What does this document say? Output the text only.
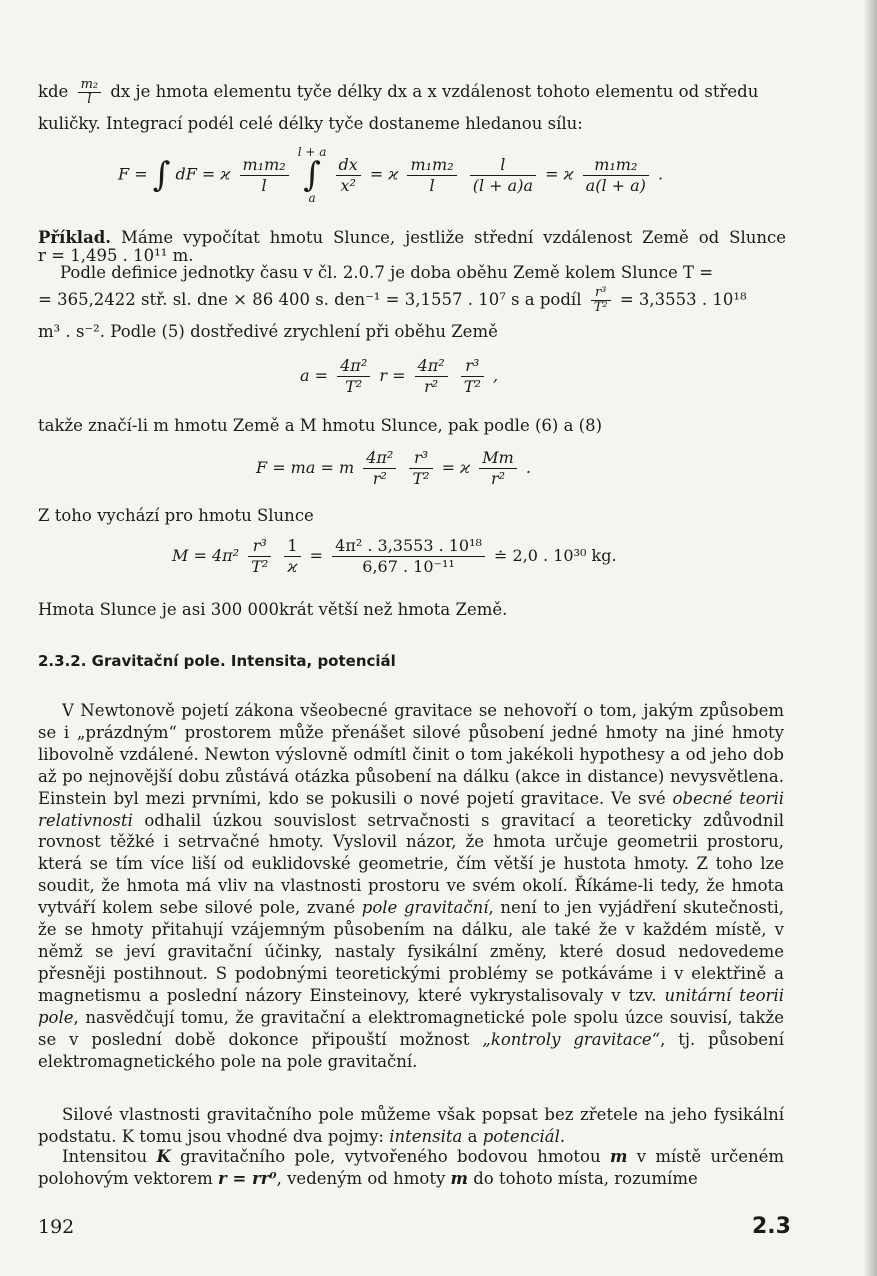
kde $\frac{\text{m₂}}{l}$ dx je hmota elementu tyče délky dx a x vzdálenost tohoto elementu od středu
kuličky. Integrací podél celé délky tyče dostaneme hledanou sílu:
F = ∫ dF = ϰ $\frac{\text{m₁m₂}}{l}$

l + a
∫
a

$\frac{dx}{\text{x²}} = ϰ \frac{\text{m₁m₂}}{l}$
$\frac{l}{(l + a)a} = ϰ \frac{\text{m₁m₂}}{a(l + a)}$ .
Příklad. Máme vypočítat hmotu Slunce, jestliže střední vzdálenost Země od Slunce
r = 1,495 . 10¹¹ m.
Podle definice jednotky času v čl. 2.0.7 je doba oběhu Země kolem Slunce T =
= 365,2422 stř. sl. dne × 86 400 s. den⁻¹ = 3,1557 . 10⁷ s a podíl $\frac{\text{r³}}{\text{T²}} = 3,3553$ . 10¹⁸
m³ . s⁻². Podle (5) dostředivé zrychlení při oběhu Země
$a = \frac{\text{4π²}}{\text{T²}}$ $r = \frac{\text{4π²}}{\text{r²}}$
$\frac{\text{r³}}{\text{T²}}$ ,
takže značí-li m hmotu Země a M hmotu Slunce, pak podle (6) a (8)
F = ma = m $\frac{\text{4π²}}{\text{r²}}$
$\frac{\text{r³}}{\text{T²}} = ϰ \frac{Mm}{\text{r²}}$ .
Z toho vychází pro hmotu Slunce
$M = 4\pi^2 \frac{\text{r³}}{\text{T²}}$
$\frac{1}{ϰ} = \frac{\text{4π² . 3,3553 . 10¹⁸}}{\text{6,67 . 10⁻¹¹}}$ ≐ 2,0 . 10³⁰ kg.
Hmota Slunce je asi 300 000krát větší než hmota Země.
2.3.2. Gravitační pole. Intensita, potenciál
V Newtonově pojetí zákona všeobecné gravitace se nehovoří o tom, jakým způsobem se i „prázdným“ prostorem může přenášet silové působení jedné hmoty na jiné hmoty libovolně vzdálené. Newton výslovně odmítl činit o tom jakékoli hypothesy a od jeho dob až po nejnovější dobu zůstává otázka působení na dálku (akce in distance) nevysvětlena. Einstein byl mezi prvními, kdo se pokusili o nové pojetí gravitace. Ve své obecné teorii relativnosti odhalil úzkou souvislost setrvačnosti s gravitací a teoreticky zdůvodnil rovnost těžké i setrvačné hmoty. Vyslovil názor, že hmota určuje geometrii prostoru, která se tím více liší od euklidovské geometrie, čím větší je hustota hmoty. Z toho lze soudit, že hmota má vliv na vlastnosti prostoru ve svém okolí. Říkáme-li tedy, že hmota vytváří kolem sebe silové pole, zvané pole gravitační, není to jen vyjádření skutečnosti, že se hmoty přitahují vzájemným působením na dálku, ale také že v každém místě, v němž se jeví gravitační účinky, nastaly fysikální změny, které dosud nedovedeme přesněji postihnout. S podobnými teoretickými problémy se potkáváme i v elektřině a magnetismu a poslední názory Einsteinovy, které vykrystalisovaly v tzv. unitární teorii pole, nasvědčují tomu, že gravitační a elektromagnetické pole spolu úzce souvisí, takže se v poslední době dokonce připouští možnost „kontroly gravitace“, tj. působení elektromagnetického pole na pole gravitační.
Silové vlastnosti gravitačního pole můžeme však popsat bez zřetele na jeho fysikální podstatu. K tomu jsou vhodné dva pojmy: intensita a potenciál.
Intensitou K gravitačního pole, vytvořeného bodovou hmotou m v místě určeném polohovým vektorem r = rr⁰, vedeným od hmoty m do tohoto místa, rozumíme
192	2.3
